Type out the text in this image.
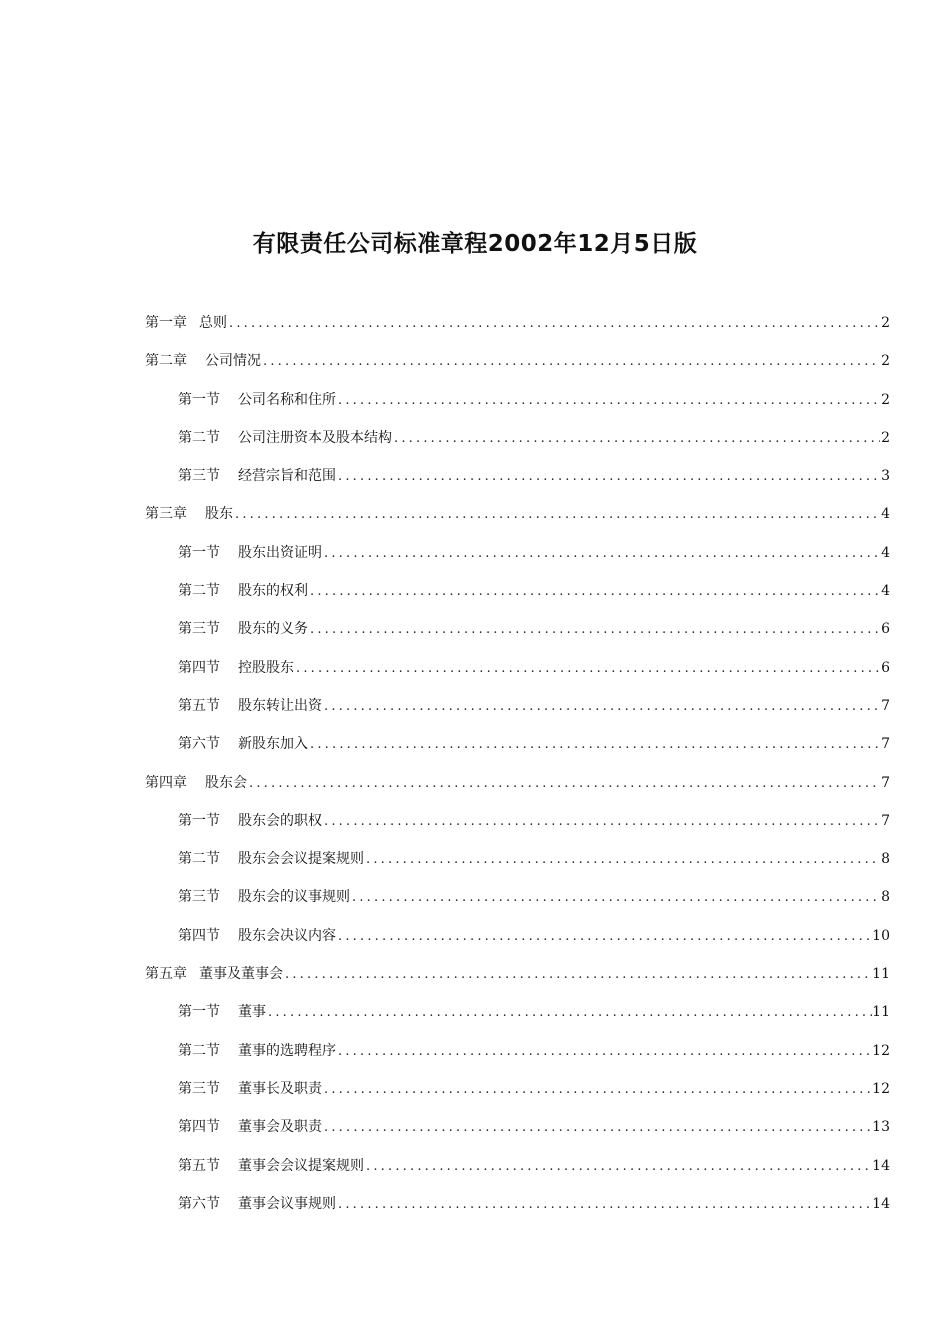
有限责任公司标准章程2002年12月5日版
第一章 总则 .....	2
第二章 公司情况 .....	2
第一节 公司名称和住所 .....	2
第二节 公司注册资本及股本结构 .....	2
第三节 经营宗旨和范围 .....	3
第三章 股东 .....	4
第一节 股东出资证明 .....	4
第二节 股东的权利 .....	4
第三节 股东的义务 .....	6
第四节 控股股东 .....	6
第五节 股东转让出资 .....	7
第六节 新股东加入 .....	7
第四章 股东会 .....	7
第一节 股东会的职权 .....	7
第二节 股东会会议提案规则 .....	8
第三节 股东会的议事规则 .....	8
第四节 股东会决议内容 .....	10
第五章 董事及董事会 .....	11
第一节 董事 .....	11
第二节 董事的选聘程序 .....	12
第三节 董事长及职责 .....	12
第四节 董事会及职责 .....	13
第五节 董事会会议提案规则 .....	14
第六节 董事会议事规则 .....	14
